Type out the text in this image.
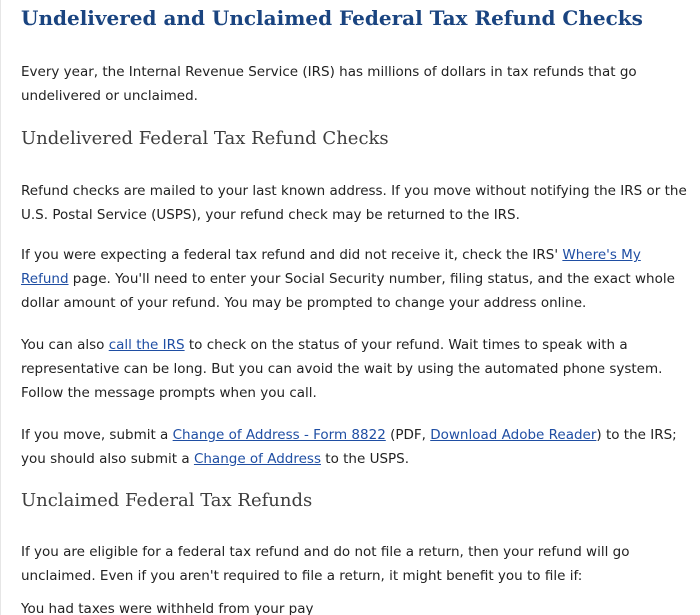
Undelivered and Unclaimed Federal Tax Refund Checks

Every year, the Internal Revenue Service (IRS) has millions of dollars in tax refunds that go undelivered or unclaimed.

Undelivered Federal Tax Refund Checks

Refund checks are mailed to your last known address. If you move without notifying the IRS or the U.S. Postal Service (USPS), your refund check may be returned to the IRS.

If you were expecting a federal tax refund and did not receive it, check the IRS' Where's My Refund page. You'll need to enter your Social Security number, filing status, and the exact whole dollar amount of your refund. You may be prompted to change your address online.

You can also call the IRS to check on the status of your refund. Wait times to speak with a representative can be long. But you can avoid the wait by using the automated phone system. Follow the message prompts when you call.

If you move, submit a Change of Address - Form 8822 (PDF, Download Adobe Reader) to the IRS; you should also submit a Change of Address to the USPS.

Unclaimed Federal Tax Refunds

If you are eligible for a federal tax refund and do not file a return, then your refund will go unclaimed. Even if you aren't required to file a return, it might benefit you to file if:

You had taxes were withheld from your pay
